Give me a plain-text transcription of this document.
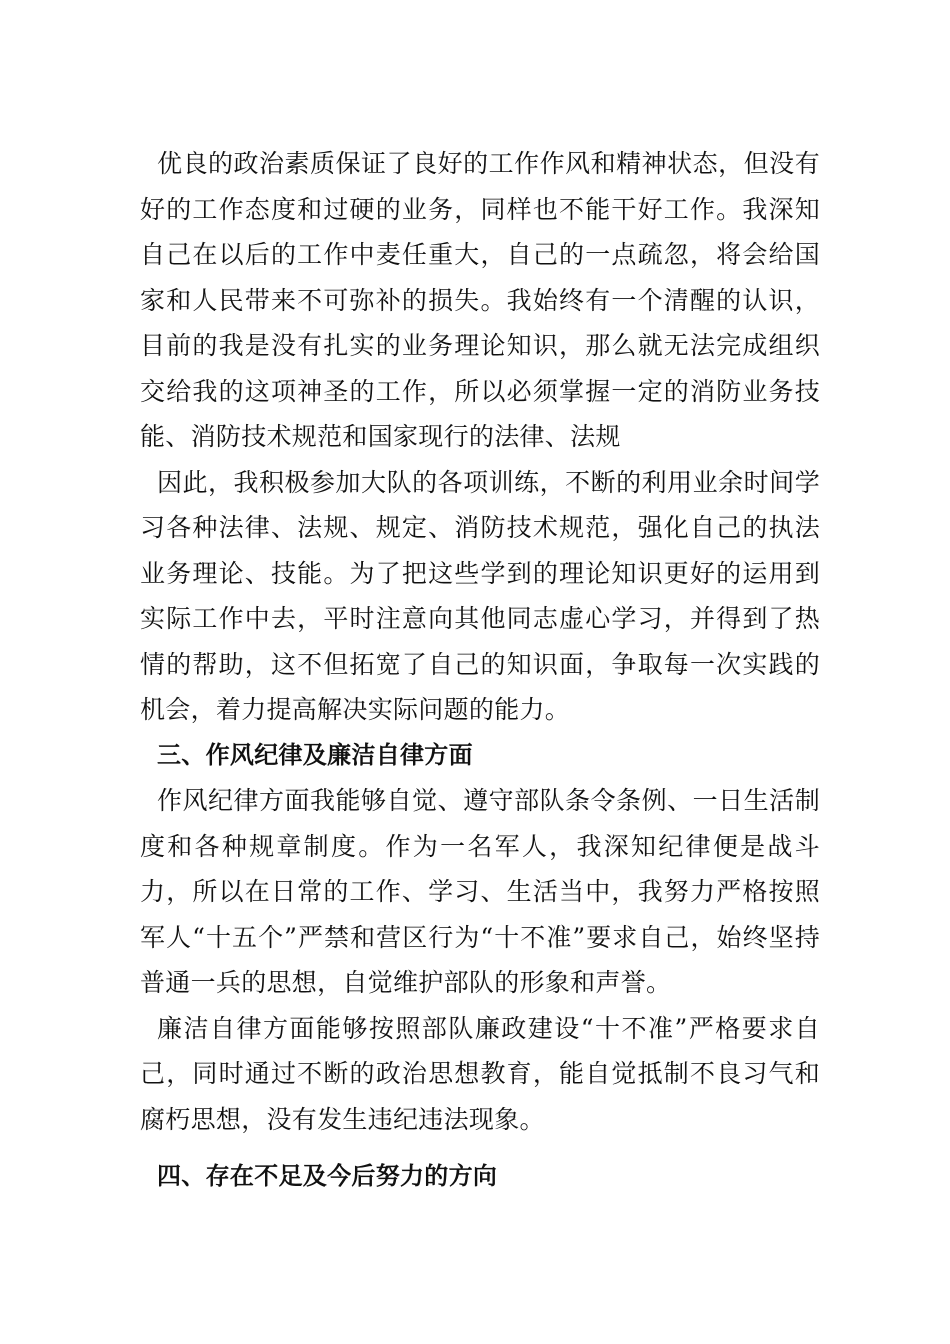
优良的政治素质保证了良好的工作作风和精神状态，但没有好的工作态度和过硬的业务，同样也不能干好工作。我深知自己在以后的工作中麦任重大，自己的一点疏忽，将会给国家和人民带来不可弥补的损失。我始终有一个清醒的认识，目前的我是没有扎实的业务理论知识，那么就无法完成组织交给我的这项神圣的工作，所以必须掌握一定的消防业务技能、消防技术规范和国家现行的法律、法规

因此，我积极参加大队的各项训练，不断的利用业余时间学习各种法律、法规、规定、消防技术规范，强化自己的执法业务理论、技能。为了把这些学到的理论知识更好的运用到实际工作中去，平时注意向其他同志虚心学习，并得到了热情的帮助，这不但拓宽了自己的知识面，争取每一次实践的机会，着力提高解决实际问题的能力。

三、作风纪律及廉洁自律方面

作风纪律方面我能够自觉、遵守部队条令条例、一日生活制度和各种规章制度。作为一名军人，我深知纪律便是战斗力，所以在日常的工作、学习、生活当中，我努力严格按照军人“十五个”严禁和营区行为“十不准”要求自己，始终坚持普通一兵的思想，自觉维护部队的形象和声誉。

廉洁自律方面能够按照部队廉政建设“十不准”严格要求自己，同时通过不断的政治思想教育，能自觉抵制不良习气和腐朽思想，没有发生违纪违法现象。

四、存在不足及今后努力的方向
